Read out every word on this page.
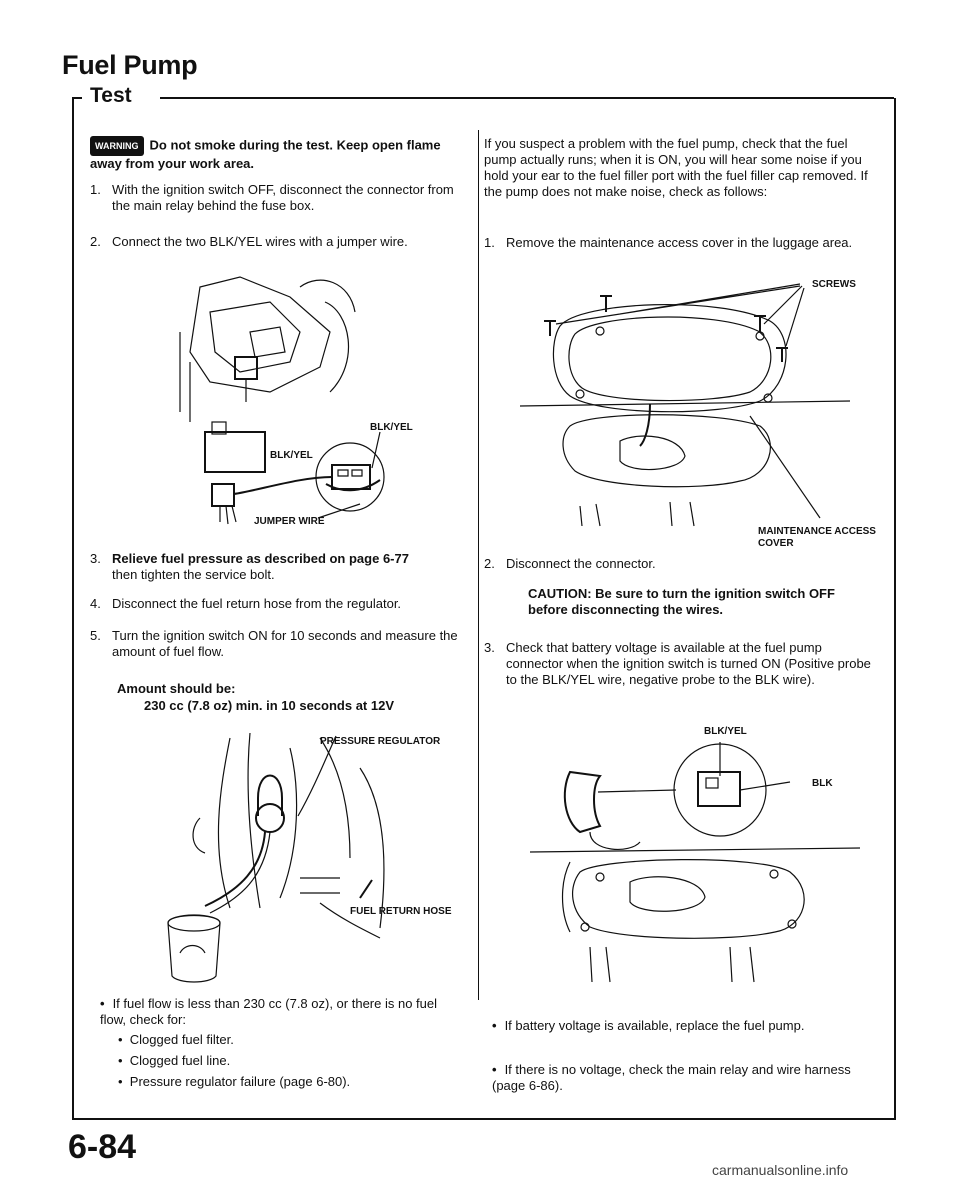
Fuel Pump
Test
WARNING Do not smoke during the test. Keep open flame away from your work area.
1. With the ignition switch OFF, disconnect the connector from the main relay behind the fuse box.
2. Connect the two BLK/YEL wires with a jumper wire.
BLK/YEL
BLK/YEL
JUMPER WIRE
3. Relieve fuel pressure as described on page 6-77
then tighten the service bolt.
4. Disconnect the fuel return hose from the regulator.
5. Turn the ignition switch ON for 10 seconds and measure the amount of fuel flow.
Amount should be:
230 cc (7.8 oz) min. in 10 seconds at 12V
PRESSURE REGULATOR
FUEL RETURN HOSE
• If fuel flow is less than 230 cc (7.8 oz), or there is no fuel flow, check for:
•  Clogged fuel filter.
•  Clogged fuel line.
•  Pressure regulator failure (page 6-80).
If you suspect a problem with the fuel pump, check that the fuel pump actually runs; when it is ON, you will hear some noise if you hold your ear to the fuel filler port with the fuel filler cap removed. If the pump does not make noise, check as follows:
1. Remove the maintenance access cover in the luggage area.
SCREWS
MAINTENANCE ACCESS
COVER
2. Disconnect the connector.
CAUTION: Be sure to turn the ignition switch OFF before disconnecting the wires.
3. Check that battery voltage is available at the fuel pump connector when the ignition switch is turned ON (Positive probe to the BLK/YEL wire, negative probe to the BLK wire).
BLK/YEL
BLK
• If battery voltage is available, replace the fuel pump.
• If there is no voltage, check the main relay and wire harness (page 6-86).
6-84
carmanualsonline.info
